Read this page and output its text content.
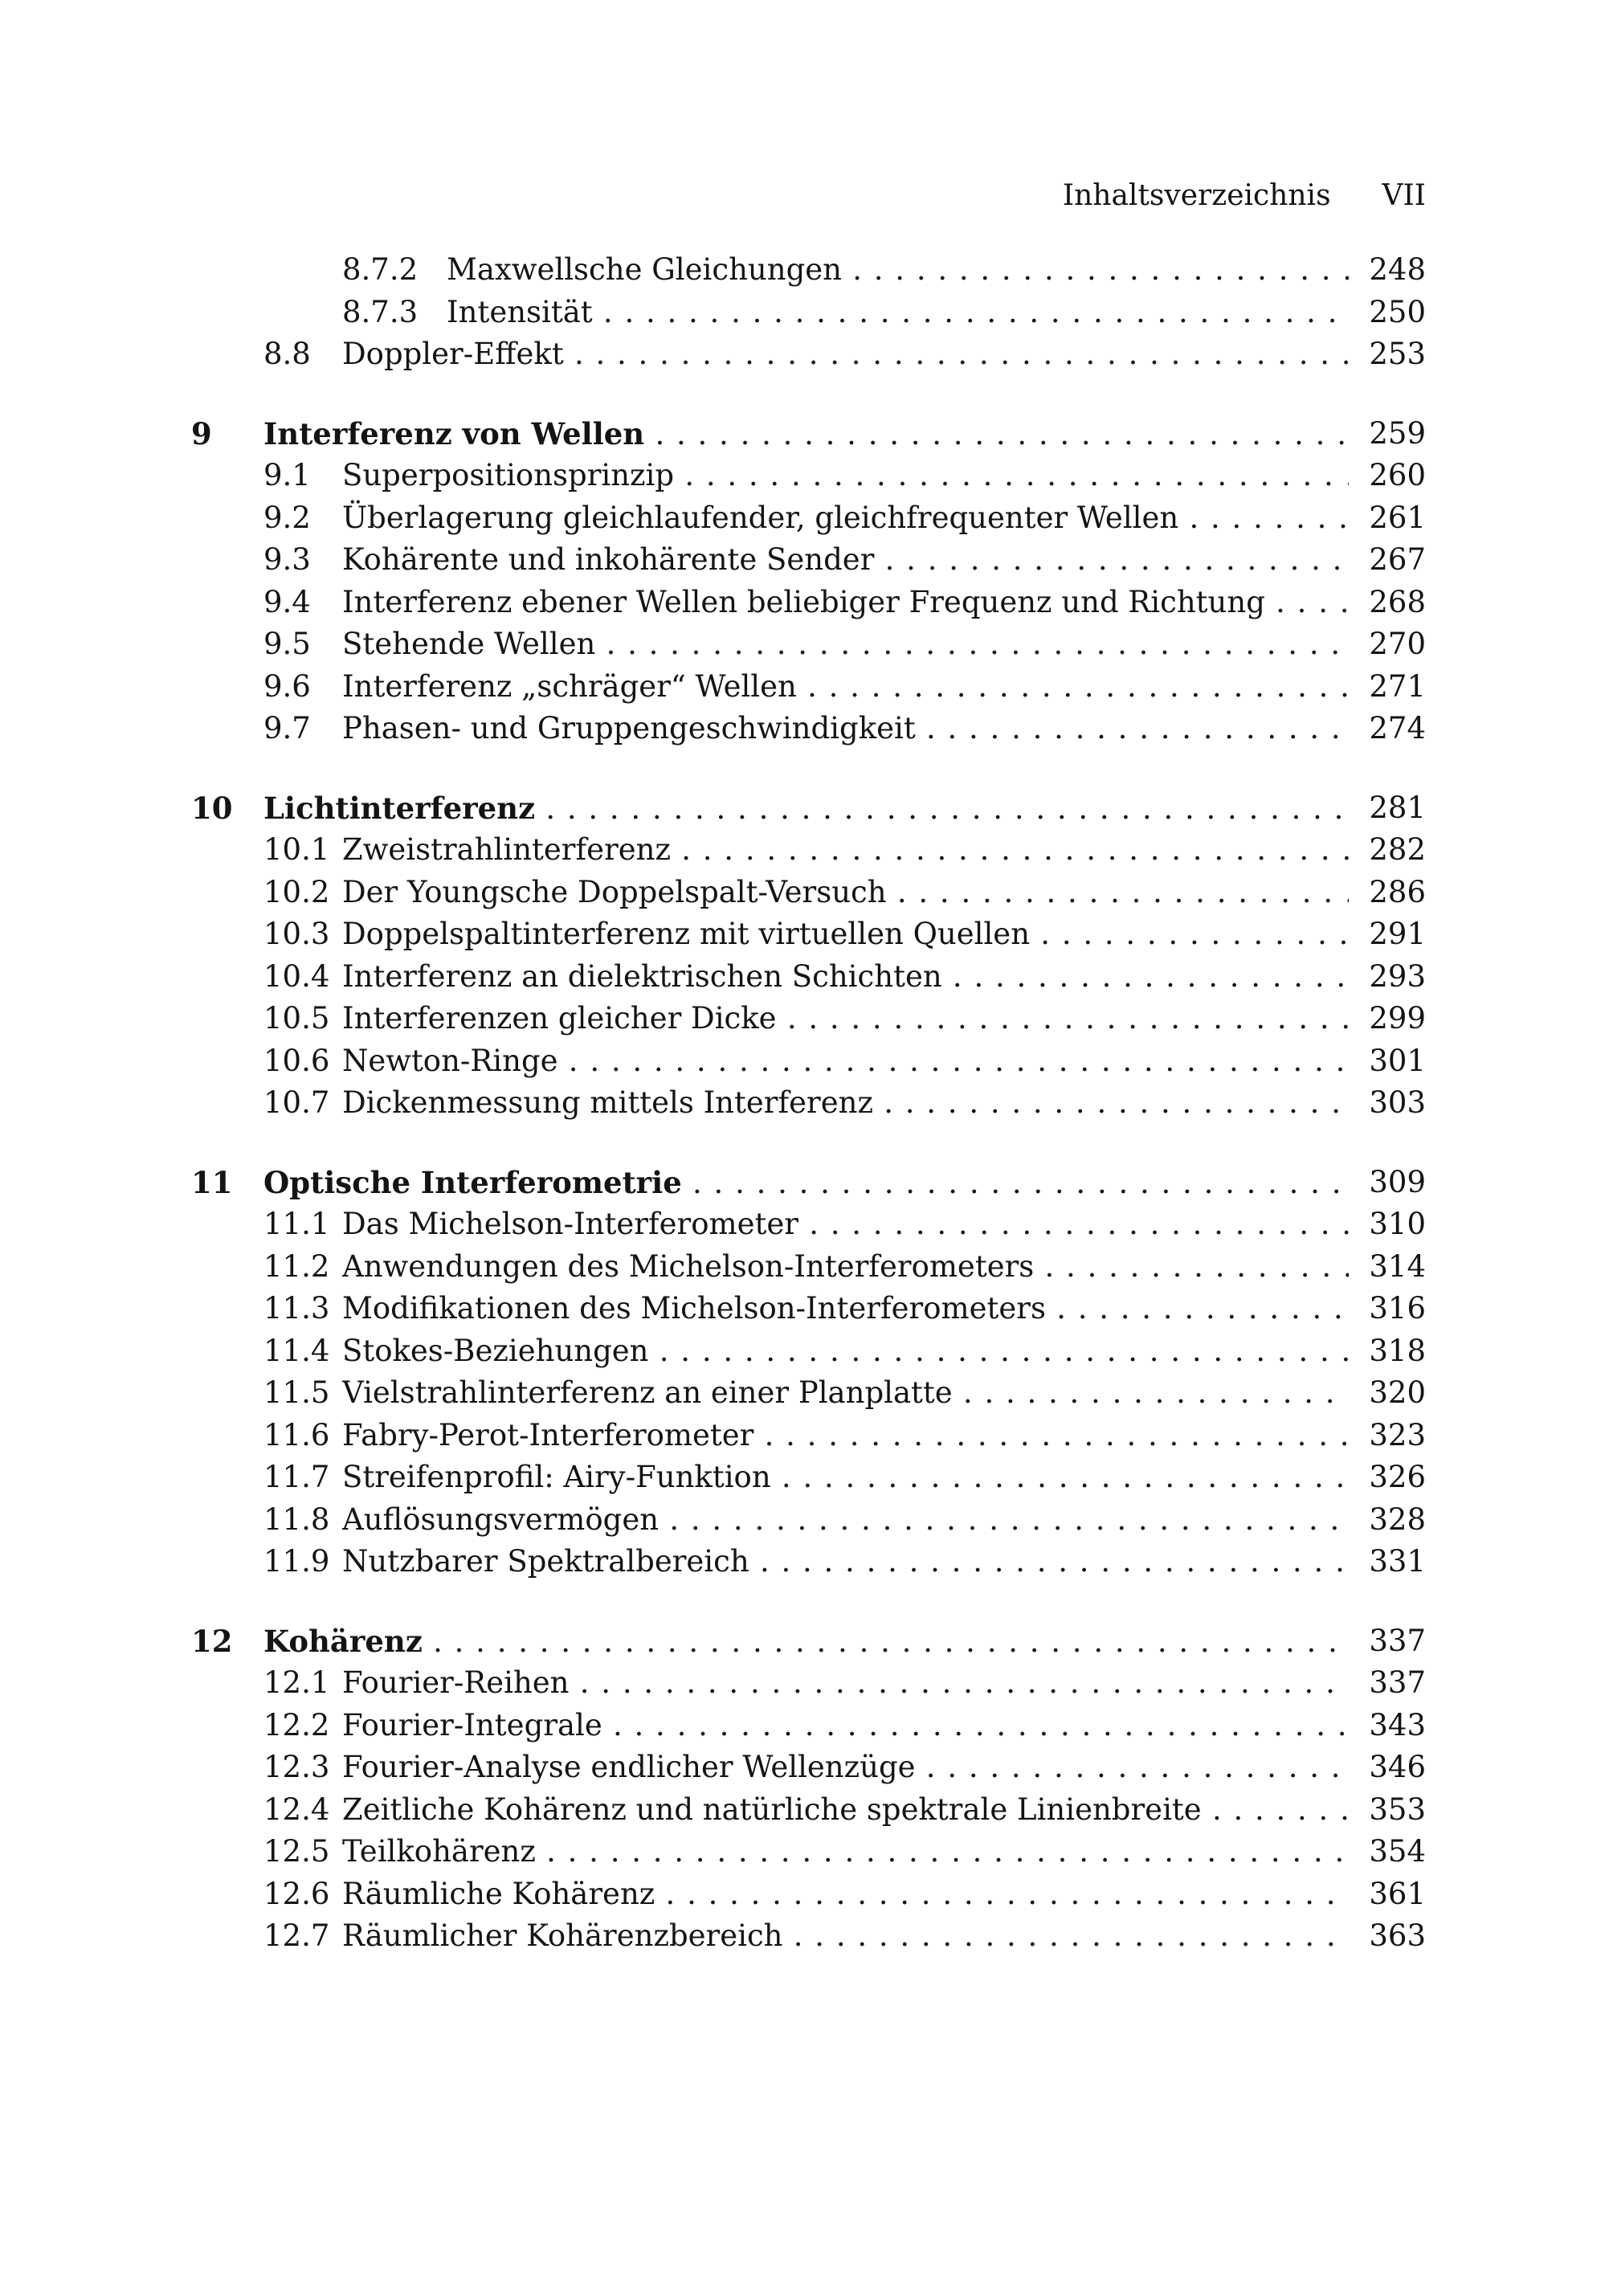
Inhaltsverzeichnis VII
8.7.2 Maxwellsche Gleichungen . . .	248
8.7.3 Intensität . . .	250
8.8 Doppler-Effekt . . .	253
9 Interferenz von Wellen . . .	259
9.1 Superpositionsprinzip . . .	260
9.2 Überlagerung gleichlaufender, gleichfrequenter Wellen . . .	261
9.3 Kohärente und inkohärente Sender . . .	267
9.4 Interferenz ebener Wellen beliebiger Frequenz und Richtung . . .	268
9.5 Stehende Wellen . . .	270
9.6 Interferenz „schräger“ Wellen . . .	271
9.7 Phasen- und Gruppengeschwindigkeit . . .	274
10 Lichtinterferenz . . .	281
10.1 Zweistrahlinterferenz . . .	282
10.2 Der Youngsche Doppelspalt-Versuch . . .	286
10.3 Doppelspaltinterferenz mit virtuellen Quellen . . .	291
10.4 Interferenz an dielektrischen Schichten . . .	293
10.5 Interferenzen gleicher Dicke . . .	299
10.6 Newton-Ringe . . .	301
10.7 Dickenmessung mittels Interferenz . . .	303
11 Optische Interferometrie . . .	309
11.1 Das Michelson-Interferometer . . .	310
11.2 Anwendungen des Michelson-Interferometers . . .	314
11.3 Modifikationen des Michelson-Interferometers . . .	316
11.4 Stokes-Beziehungen . . .	318
11.5 Vielstrahlinterferenz an einer Planplatte . . .	320
11.6 Fabry-Perot-Interferometer . . .	323
11.7 Streifenprofil: Airy-Funktion . . .	326
11.8 Auflösungsvermögen . . .	328
11.9 Nutzbarer Spektralbereich . . .	331
12 Kohärenz . . .	337
12.1 Fourier-Reihen . . .	337
12.2 Fourier-Integrale . . .	343
12.3 Fourier-Analyse endlicher Wellenzüge . . .	346
12.4 Zeitliche Kohärenz und natürliche spektrale Linienbreite . . .	353
12.5 Teilkohärenz . . .	354
12.6 Räumliche Kohärenz . . .	361
12.7 Räumlicher Kohärenzbereich . . .	363
